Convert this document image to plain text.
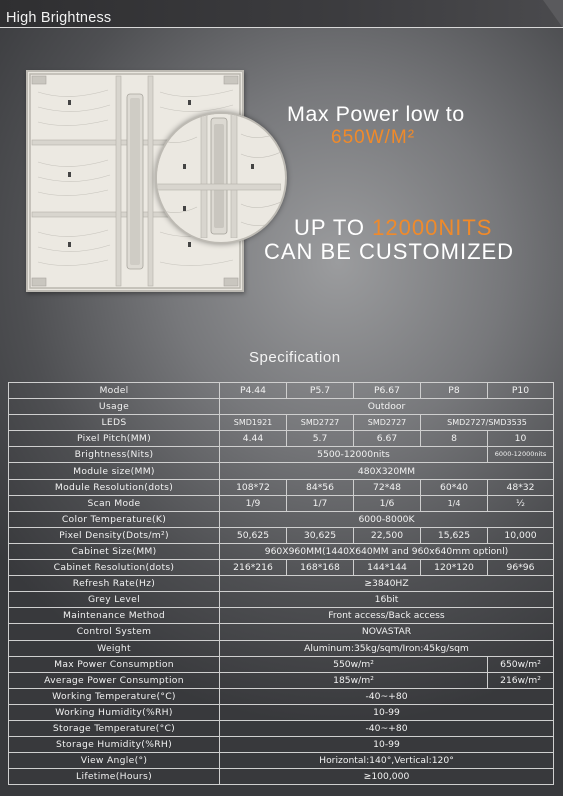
High Brightness
Max Power low to
650W/M²
UP TO 12000NITS
CAN BE CUSTOMIZED
Specification
Model	P4.44	P5.7	P6.67	P8	P10
Usage	Outdoor				
LEDS	SMD1921	SMD2727	SMD2727	SMD2727/SMD3535	
Pixel Pitch(MM)	4.44	5.7	6.67	8	10
Brightness(Nits)	5500-12000nits				6000-12000nits
Module size(MM)	480X320MM				
Module Resolution(dots)	108*72	84*56	72*48	60*40	48*32
Scan Mode	1/9	1/7	1/6	1/4	½
Color Temperature(K)	6000-8000K				
Pixel Density(Dots/m²)	50,625	30,625	22,500	15,625	10,000
Cabinet Size(MM)	960X960MM(1440X640MM and 960x640mm optionl)				
Cabinet Resolution(dots)	216*216	168*168	144*144	120*120	96*96
Refresh Rate(Hz)	≥3840HZ				
Grey Level	16bit				
Maintenance Method	Front access/Back access				
Control System	NOVASTAR				
Weight	Aluminum:35kg/sqm/Iron:45kg/sqm				
Max Power Consumption	550w/m²				650w/m²
Average Power Consumption	185w/m²				216w/m²
Working Temperature(°C)	-40~+80				
Working Humidity(%RH)	10-99				
Storage Temperature(°C)	-40~+80				
Storage Humidity(%RH)	10-99				
View Angle(°)	Horizontal:140°,Vertical:120°				
Lifetime(Hours)	≥100,000				
